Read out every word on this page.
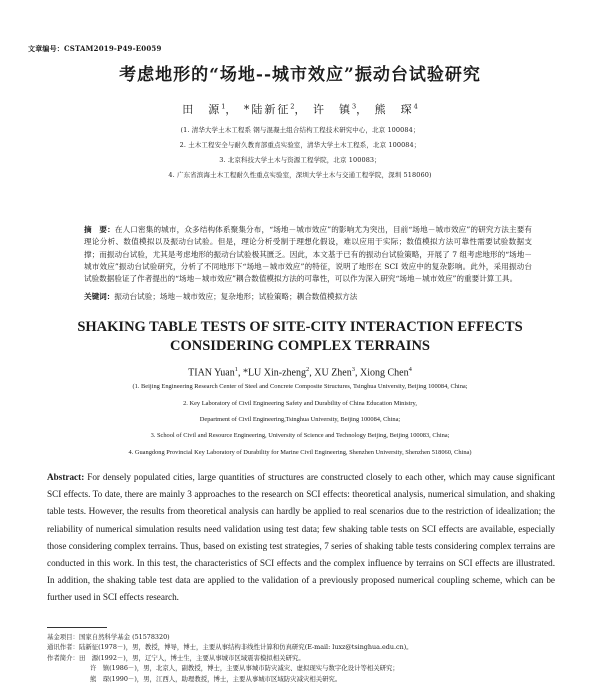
文章编号：CSTAM2019-P49-E0059
考虑地形的“场地--城市效应”振动台试验研究
田　源$^1$， *陆新征$^2$， 许　镇$^3$， 熊　琛$^4$
(1. 清华大学土木工程系 钢与混凝土组合结构工程技术研究中心，北京 100084；
2. 土木工程安全与耐久教育部重点实验室，清华大学土木工程系，北京 100084；
3. 北京科技大学土木与资源工程学院，北京 100083；
4. 广东省滨海土木工程耐久性重点实验室，深圳大学土木与交通工程学院，深圳 518060)
摘　要：在人口密集的城市，众多结构体系聚集分布，“场地－城市效应”的影响尤为突出，目前“场地－城市效应”的研究方法主要有理论分析、数值模拟以及振动台试验。但是，理论分析受制于理想化假设，难以应用于实际；数值模拟方法可靠性需要试验数据支撑；而振动台试验，尤其是考虑地形的振动台试验极其匮乏。因此，本文基于已有的振动台试验策略，开展了 7 组考虑地形的“场地－城市效应”振动台试验研究，分析了不同地形下“场地－城市效应”的特征，说明了地形在 SCI 效应中的复杂影响。此外，采用振动台试验数据验证了作者提出的“场地－城市效应”耦合数值模拟方法的可靠性，可以作为深入研究“场地－城市效应”的重要计算工具。
关键词：振动台试验；场地－城市效应；复杂地形；试验策略；耦合数值模拟方法
SHAKING TABLE TESTS OF SITE-CITY INTERACTION EFFECTS
CONSIDERING COMPLEX TERRAINS
TIAN Yuan$^1$, *LU Xin-zheng$^2$, XU Zhen$^3$, Xiong Chen$^4$
(1. Beijing Engineering Research Center of Steel and Concrete Composite Structures, Tsinghua University, Beijing 100084, China;
2. Key Laboratory of Civil Engineering Safety and Durability of China Education Ministry,
Department of Civil Engineering,Tsinghua University, Beijing 100084, China;
3. School of Civil and Resource Engineering, University of Science and Technology Beijing, Beijing 100083, China;
4. Guangdong Provincial Key Laboratory of Durability for Marine Civil Engineering, Shenzhen University, Shenzhen 518060, China)
Abstract: For densely populated cities, large quantities of structures are constructed closely to each other, which may cause significant SCI effects. To date, there are mainly 3 approaches to the research on SCI effects: theoretical analysis, numerical simulation, and shaking table tests. However, the results from theoretical analysis can hardly be applied to real scenarios due to the restriction of idealization; the reliability of numerical simulation results need validation using test data; few shaking table tests on SCI effects are available, especially those considering complex terrains. Thus, based on existing test strategies, 7 series of shaking table tests considering complex terrains are conducted in this work. In this test, the characteristics of SCI effects and the complex influence by terrains on SCI effects are illustrated. In addition, the shaking table test data are applied to the validation of a previously proposed numerical coupling scheme, which can be further used in SCI effects research.
基金项目：国家自然科学基金 (51578320)
通讯作者：陆新征(1978－)，男，教授，博导，博士，主要从事结构非线性计算和仿真研究(E-mail: luxz@tsinghua.edu.cn)。
作者简介：田　源(1992－)，男，辽宁人，博士生，主要从事城市区域震害模拟相关研究。
许　镇(1986－)，男，北京人，副教授，博士，主要从事城市防灾减灾、虚拟现实与数字化设计等相关研究；
熊　琛(1990－)，男，江西人，助理教授，博士，主要从事城市区域防灾减灾相关研究。
